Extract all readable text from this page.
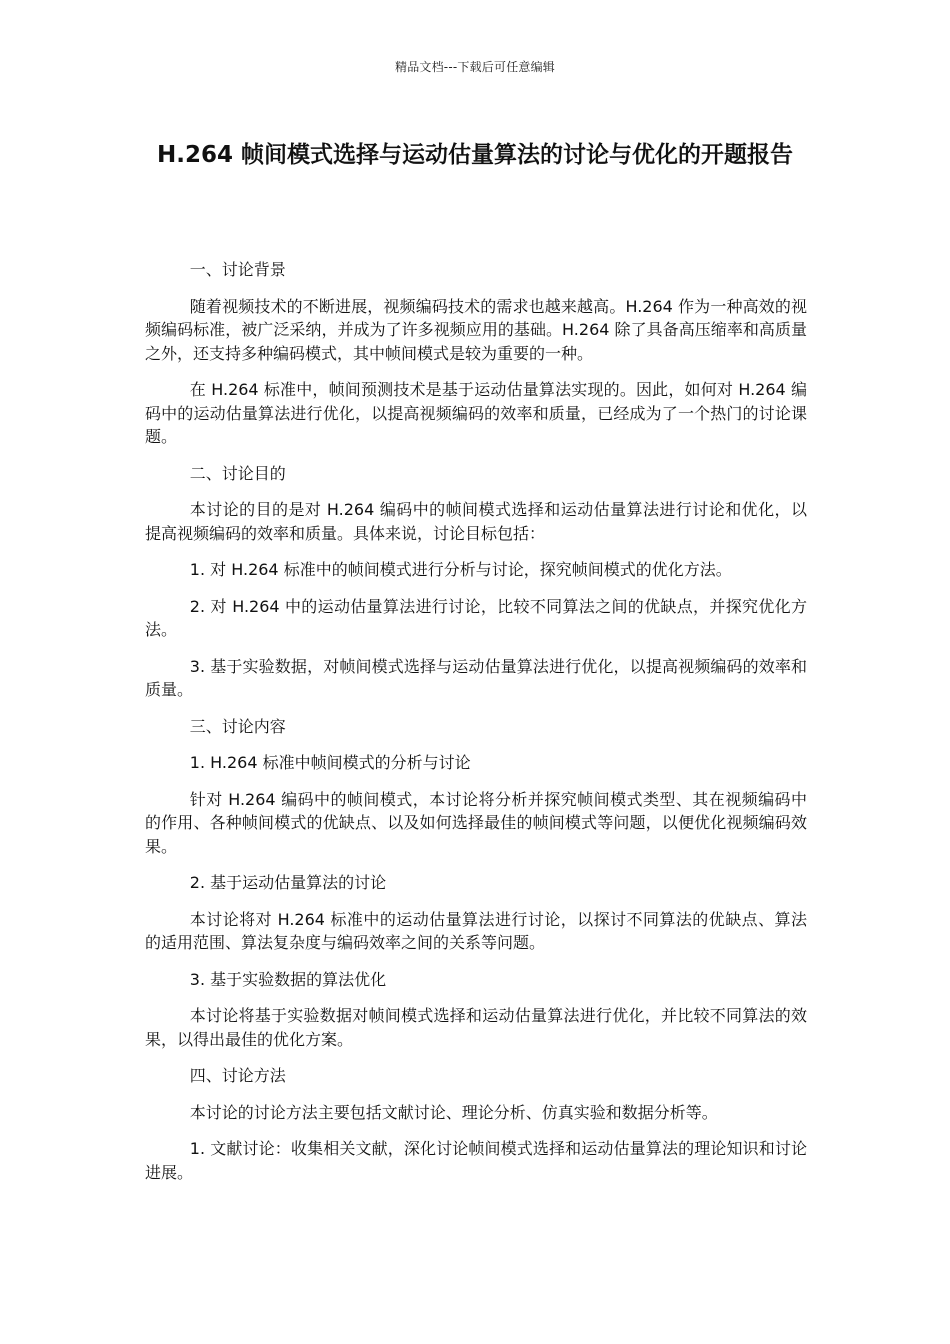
精品文档---下载后可任意编辑
H.264 帧间模式选择与运动估量算法的讨论与优化的开题报告

一、讨论背景

随着视频技术的不断进展，视频编码技术的需求也越来越高。H.264 作为一种高效的视频编码标准，被广泛采纳，并成为了许多视频应用的基础。H.264 除了具备高压缩率和高质量之外，还支持多种编码模式，其中帧间模式是较为重要的一种。

在 H.264 标准中，帧间预测技术是基于运动估量算法实现的。因此，如何对 H.264 编码中的运动估量算法进行优化，以提高视频编码的效率和质量，已经成为了一个热门的讨论课题。

二、讨论目的

本讨论的目的是对 H.264 编码中的帧间模式选择和运动估量算法进行讨论和优化，以提高视频编码的效率和质量。具体来说，讨论目标包括：

1. 对 H.264 标准中的帧间模式进行分析与讨论，探究帧间模式的优化方法。

2. 对 H.264 中的运动估量算法进行讨论，比较不同算法之间的优缺点，并探究优化方法。

3. 基于实验数据，对帧间模式选择与运动估量算法进行优化，以提高视频编码的效率和质量。

三、讨论内容

1. H.264 标准中帧间模式的分析与讨论

针对 H.264 编码中的帧间模式，本讨论将分析并探究帧间模式类型、其在视频编码中的作用、各种帧间模式的优缺点、以及如何选择最佳的帧间模式等问题，以便优化视频编码效果。

2. 基于运动估量算法的讨论

本讨论将对 H.264 标准中的运动估量算法进行讨论，以探讨不同算法的优缺点、算法的适用范围、算法复杂度与编码效率之间的关系等问题。

3. 基于实验数据的算法优化

本讨论将基于实验数据对帧间模式选择和运动估量算法进行优化，并比较不同算法的效果，以得出最佳的优化方案。

四、讨论方法

本讨论的讨论方法主要包括文献讨论、理论分析、仿真实验和数据分析等。

1. 文献讨论：收集相关文献，深化讨论帧间模式选择和运动估量算法的理论知识和讨论进展。
